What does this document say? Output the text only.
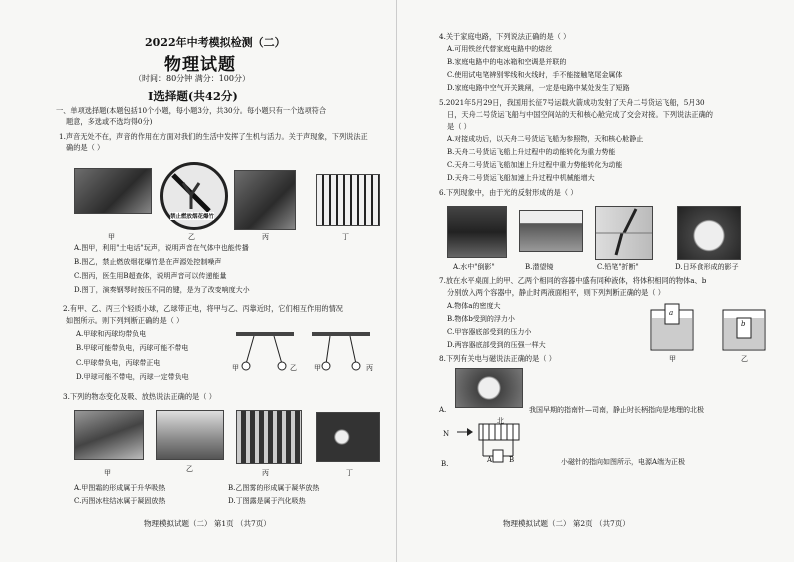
2022年中考模拟检测（二）
物理试题
（时间：80分钟 满分：100分）
Ⅰ选择题(共42分)
一、单项选择题(本题包括10个小题，每小题3分，共30分。每小题只有一个选项符合
题意，多选或不选均得0分)
1.声音无处不在，声音的作用在方面对我们的生活中发挥了生机与活力。关于声现象，下列说法正
确的是（ ）
禁止燃放烟花爆竹
甲	乙	丙	丁
A.图甲，利用"土电话"玩声，说明声音在气体中也能传播
B.图乙，禁止燃放烟花爆竹是在声源处控制噪声
C.图丙，医生用B超查体，说明声音可以传递能量
D.图丁，演奏钢琴时按压不同的键，是为了改变响度大小
2.有甲、乙、丙三个轻质小球，乙球带正电，将甲与乙、丙靠近时，它们相互作用的情况
如图所示。则下列判断正确的是（ ）
A.甲球和丙球均带负电
B.甲球可能带负电，丙球可能不带电
C.甲球带负电，丙球带正电
D.甲球可能不带电，丙球一定带负电
甲	乙 甲	丙
3.下列的物态变化及吸、放热说法正确的是（ ）
甲	乙	丙	丁
A.甲图霜的形成属于升华吸热	B.乙图雾的形成属于凝华放热
C.丙图冰柱结冰属于凝固放热	D.丁图露是属于汽化吸热
物理模拟试题（二） 第1页 （共7页）
4.关于家庭电路，下列说法正确的是（ ）
A.可用铁丝代替家庭电路中的熔丝
B.家庭电路中的电冰箱和空调是并联的
C.使用试电笔辨别零线和火线时，手不能接触笔尾金属体
D.家庭电路中空气开关跳闸，一定是电路中某处发生了短路
5.2021年5月29日，我国用长征7号运载火箭成功发射了天舟二号货运飞船，5月30
日，天舟二号货运飞船与中国空间站的天和核心舱完成了交会对接。下列说法正确的
是（ ）
A.对接成功后，以天舟二号货运飞船为参照物，天和核心舱静止
B.天舟二号货运飞船上升过程中的动能转化为重力势能
C.天舟二号货运飞船加速上升过程中重力势能转化为动能
D.天舟二号货运飞船加速上升过程中机械能增大
6.下列现象中，由于光的反射形成的是（ ）
A.水中"倒影"	B.潜望镜	C.铅笔"折断"	D.日环食形成的影子
7.放在水平桌面上的甲、乙两个相同的容器中盛有同种液体，将体积相同的物体a、b
分别放入两个容器中，静止时两液面相平，则下列判断正确的是（ ）
A.物体a的密度大
B.物体b受到的浮力小
C.甲容器底部受到的压力小
D.两容器底部受到的压强一样大
a
b
甲	乙
8.下列有关电与磁说法正确的是（ ）
A.	我国早期的指南针—司南，静止时长柄指向是地理的北极
N
北
A B
B.	小磁针的指向如图所示，电源A端为正极
物理模拟试题（二） 第2页 （共7页）
